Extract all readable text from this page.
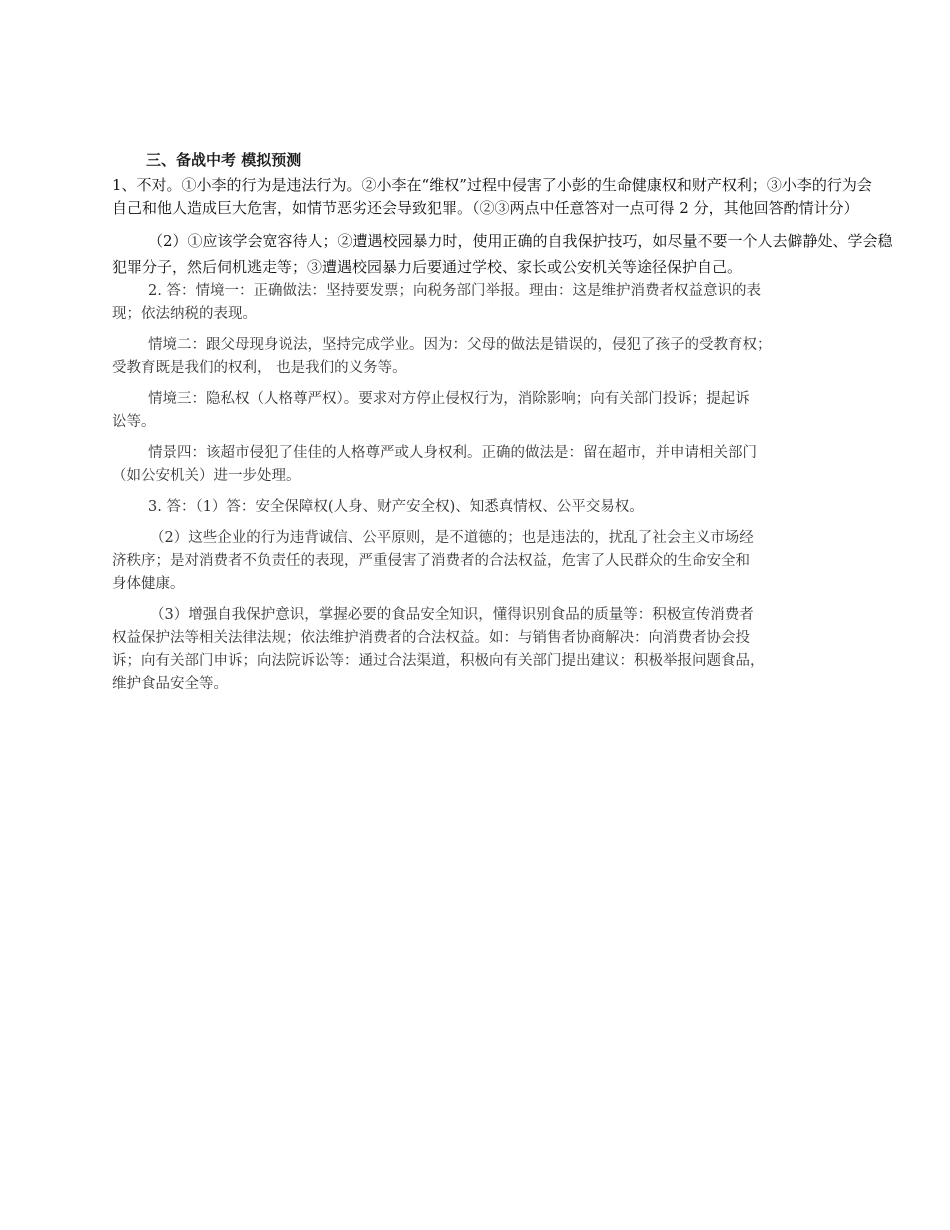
三、备战中考 模拟预测
1、不对。①小李的行为是违法行为。②小李在“维权”过程中侵害了小彭的生命健康权和财产权利；③小李的行为会
自己和他人造成巨大危害，如情节恶劣还会导致犯罪。（②③两点中任意答对一点可得 2 分，其他回答酌情计分）
（2）①应该学会宽容待人；②遭遇校园暴力时，使用正确的自我保护技巧，如尽量不要一个人去僻静处、学会稳
犯罪分子，然后伺机逃走等；③遭遇校园暴力后要通过学校、家长或公安机关等途径保护自己。
2. 答：情境一：正确做法：坚持要发票；向税务部门举报。理由：这是维护消费者权益意识的表
现；依法纳税的表现。
情境二：跟父母现身说法，坚持完成学业。因为：父母的做法是错误的，侵犯了孩子的受教育权；
受教育既是我们的权利， 也是我们的义务等。
情境三：隐私权（人格尊严权）。要求对方停止侵权行为，消除影响；向有关部门投诉；提起诉
讼等。
情景四：该超市侵犯了佳佳的人格尊严或人身权利。正确的做法是：留在超市，并申请相关部门
（如公安机关）进一步处理。
3. 答：（1）答：安全保障权(人身、财产安全权)、知悉真情权、公平交易权。
（2）这些企业的行为违背诚信、公平原则，是不道德的；也是违法的，扰乱了社会主义市场经
济秩序；是对消费者不负责任的表现，严重侵害了消费者的合法权益，危害了人民群众的生命安全和
身体健康。
（3）增强自我保护意识，掌握必要的食品安全知识，懂得识别食品的质量等：积极宣传消费者
权益保护法等相关法律法规；依法维护消费者的合法权益。如：与销售者协商解决：向消费者协会投
诉；向有关部门申诉；向法院诉讼等：通过合法渠道，积极向有关部门提出建议：积极举报问题食品，
维护食品安全等。
